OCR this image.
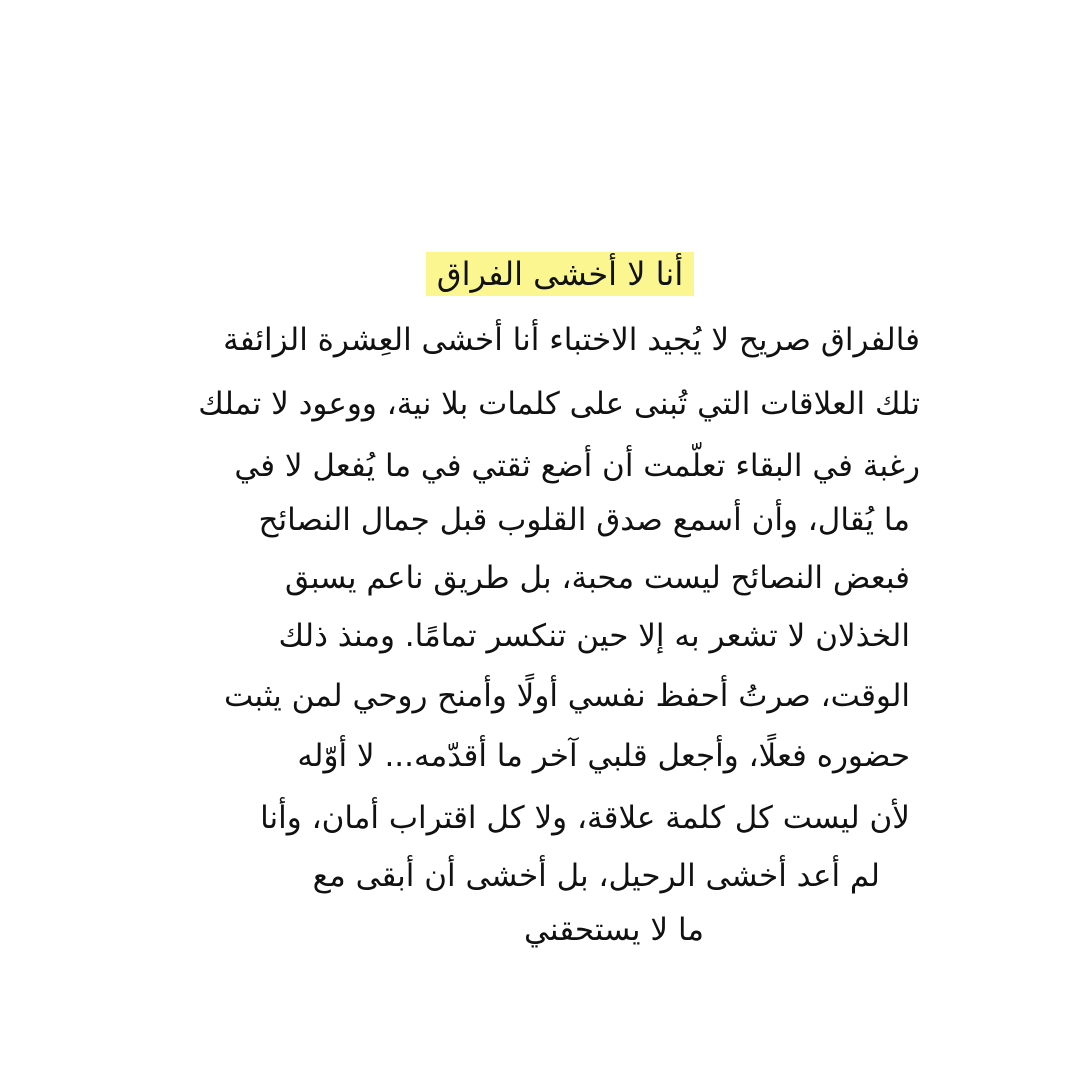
أنا لا أخشى الفراق
فالفراق صريح لا يُجيد الاختباء أنا أخشى العِشرة الزائفة
تلك العلاقات التي تُبنى على كلمات بلا نية، ووعود لا تملك
رغبة في البقاء تعلّمت أن أضع ثقتي في ما يُفعل لا في
ما يُقال، وأن أسمع صدق القلوب قبل جمال النصائح
فبعض النصائح ليست محبة، بل طريق ناعم يسبق
الخذلان لا تشعر به إلا حين تنكسر تمامًا. ومنذ ذلك
الوقت، صرتُ أحفظ نفسي أولًا وأمنح روحي لمن يثبت
حضوره فعلًا، وأجعل قلبي آخر ما أقدّمه... لا أوّله
لأن ليست كل كلمة علاقة، ولا كل اقتراب أمان، وأنا
لم أعد أخشى الرحيل، بل أخشى أن أبقى مع
ما لا يستحقني
